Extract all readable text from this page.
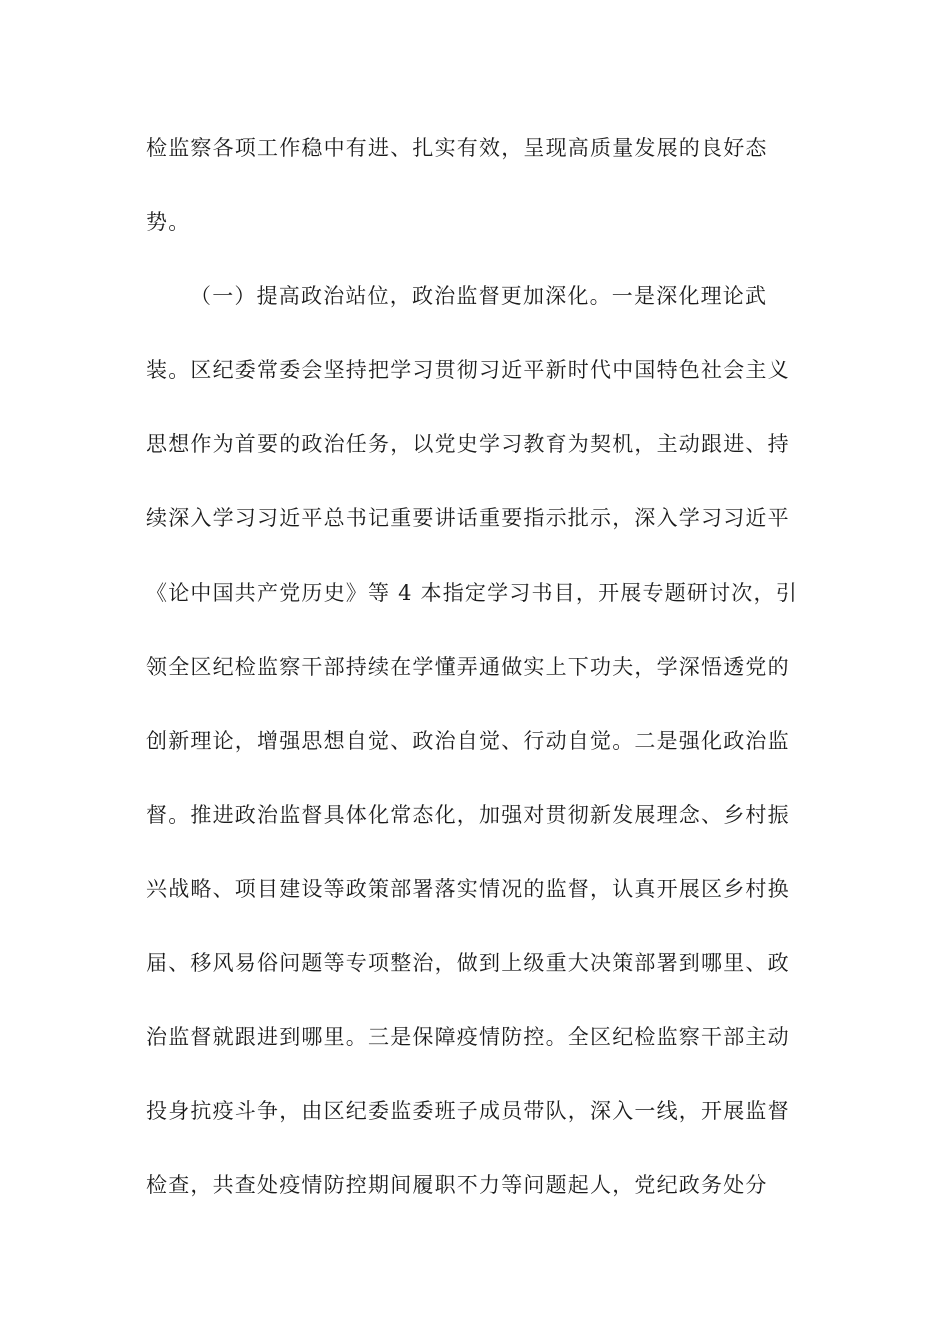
检监察各项工作稳中有进、扎实有效，呈现高质量发展的良好态
势。
（一）提高政治站位，政治监督更加深化。一是深化理论武
装。区纪委常委会坚持把学习贯彻习近平新时代中国特色社会主义
思想作为首要的政治任务，以党史学习教育为契机，主动跟进、持
续深入学习习近平总书记重要讲话重要指示批示，深入学习习近平
《论中国共产党历史》等 4 本指定学习书目，开展专题研讨次，引
领全区纪检监察干部持续在学懂弄通做实上下功夫，学深悟透党的
创新理论，增强思想自觉、政治自觉、行动自觉。二是强化政治监
督。推进政治监督具体化常态化，加强对贯彻新发展理念、乡村振
兴战略、项目建设等政策部署落实情况的监督，认真开展区乡村换
届、移风易俗问题等专项整治，做到上级重大决策部署到哪里、政
治监督就跟进到哪里。三是保障疫情防控。全区纪检监察干部主动
投身抗疫斗争，由区纪委监委班子成员带队，深入一线，开展监督
检查，共查处疫情防控期间履职不力等问题起人，党纪政务处分
